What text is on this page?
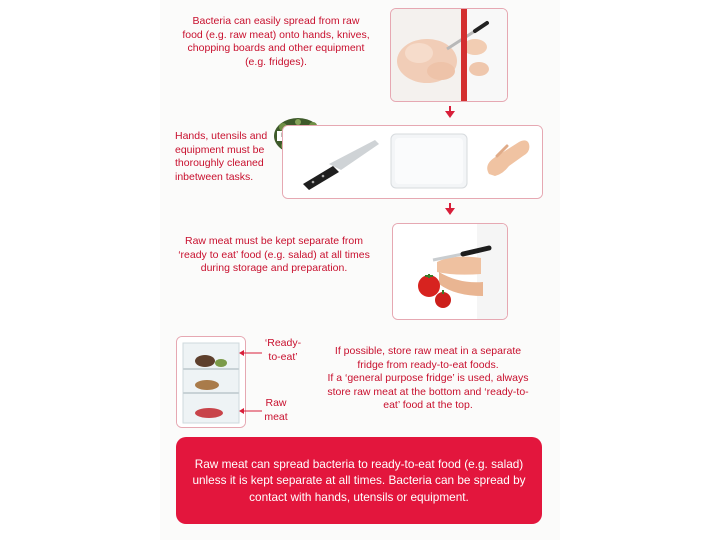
Bacteria can easily spread from raw
food (e.g. raw meat) onto hands, knives,
chopping boards and other equipment
(e.g. fridges).
Hands, utensils and
equipment must be
thoroughly cleaned
inbetween tasks.
Raw meat must be kept separate from
‘ready to eat’ food (e.g. salad) at all times
during storage and preparation.
‘Ready-
to-eat’
Raw
meat
If possible, store raw meat in a separate
fridge from ready-to-eat foods.
If a ‘general purpose fridge’ is used, always
store raw meat at the bottom and ‘ready-to-
eat’ food at the top.
Raw meat can spread bacteria to ready-to-eat food (e.g. salad)
unless it is kept separate at all times. Bacteria can be spread by
contact with hands, utensils or equipment.
